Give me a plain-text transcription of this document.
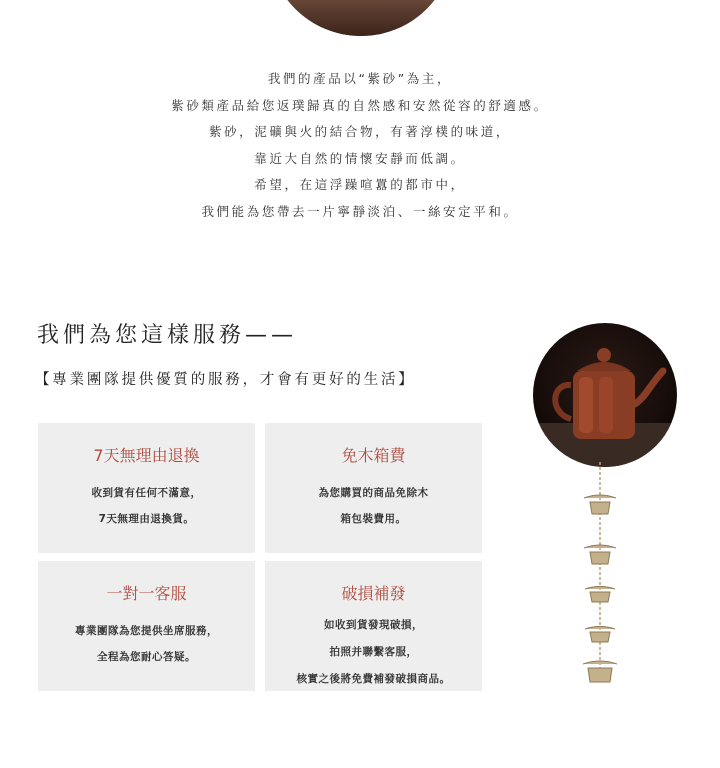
我們的產品以“紫砂”為主，

紫砂類產品給您返璞歸真的自然感和安然從容的舒適感。

紫砂，泥礦與火的結合物，有著淳樸的味道，

靠近大自然的情懷安靜而低調。

希望，在這浮躁喧囂的都市中，

我們能為您帶去一片寧靜淡泊、一絲安定平和。

我們為您這樣服務——

【專業團隊提供優質的服務，才會有更好的生活】

7天無理由退換

收到貨有任何不滿意，

7天無理由退換貨。

免木箱費

為您購買的商品免除木

箱包裝費用。

一對一客服

專業團隊為您提供坐席服務，

全程為您耐心答疑。

破損補發

如收到貨發現破損，

拍照并聯繫客服，

核實之後將免費補發破損商品。
